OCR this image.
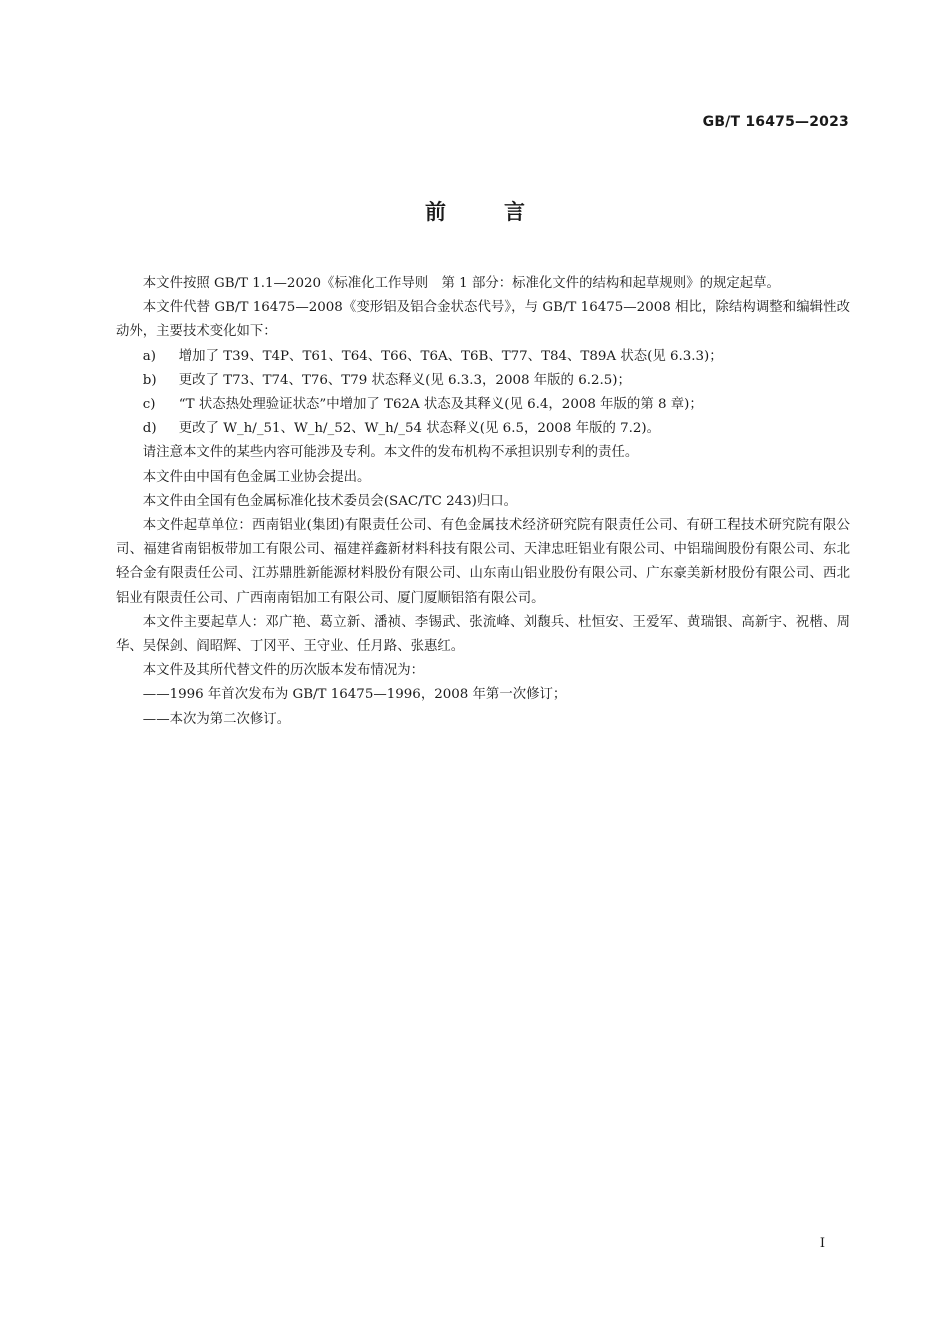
GB/T 16475—2023
前言

本文件按照 GB/T 1.1—2020《标准化工作导则　第 1 部分：标准化文件的结构和起草规则》的规定起草。

本文件代替 GB/T 16475—2008《变形铝及铝合金状态代号》，与 GB/T 16475—2008 相比，除结构调整和编辑性改动外，主要技术变化如下：

a)	增加了 T39、T4P、T61、T64、T66、T6A、T6B、T77、T84、T89A 状态(见 6.3.3)；
b)	更改了 T73、T74、T76、T79 状态释义(见 6.3.3，2008 年版的 6.2.5)；
c)	“T 状态热处理验证状态”中增加了 T62A 状态及其释义(见 6.4，2008 年版的第 8 章)；
d)	更改了 W_h/_51、W_h/_52、W_h/_54 状态释义(见 6.5，2008 年版的 7.2)。

请注意本文件的某些内容可能涉及专利。本文件的发布机构不承担识别专利的责任。

本文件由中国有色金属工业协会提出。

本文件由全国有色金属标准化技术委员会(SAC/TC 243)归口。

本文件起草单位：西南铝业(集团)有限责任公司、有色金属技术经济研究院有限责任公司、有研工程技术研究院有限公司、福建省南铝板带加工有限公司、福建祥鑫新材料科技有限公司、天津忠旺铝业有限公司、中铝瑞闽股份有限公司、东北轻合金有限责任公司、江苏鼎胜新能源材料股份有限公司、山东南山铝业股份有限公司、广东豪美新材股份有限公司、西北铝业有限责任公司、广西南南铝加工有限公司、厦门厦顺铝箔有限公司。

本文件主要起草人：邓广艳、葛立新、潘祯、李锡武、张流峰、刘馥兵、杜恒安、王爱军、黄瑞银、高新宇、祝楷、周华、吴保剑、阎昭辉、丁冈平、王守业、任月路、张惠红。

本文件及其所代替文件的历次版本发布情况为：

——1996 年首次发布为 GB/T 16475—1996，2008 年第一次修订；

——本次为第二次修订。

I
